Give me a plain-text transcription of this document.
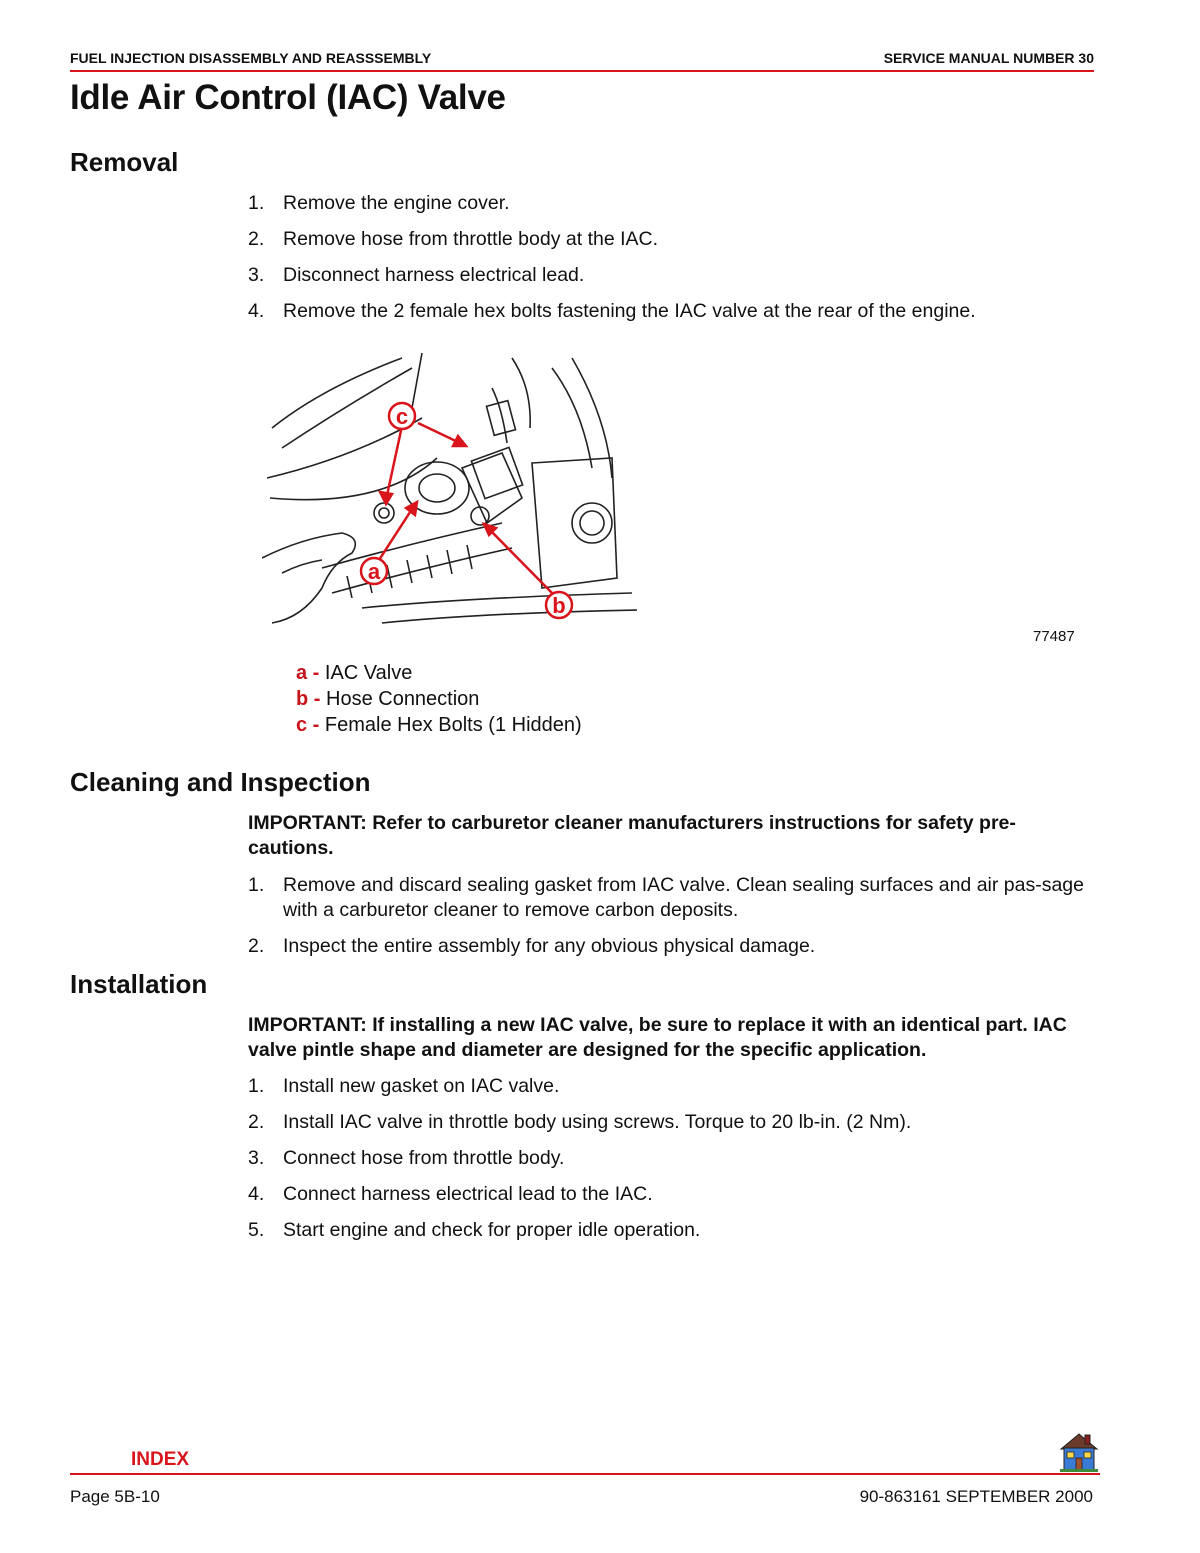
FUEL INJECTION DISASSEMBLY AND REASSSEMBLY	SERVICE MANUAL NUMBER 30
Idle Air Control (IAC) Valve
Removal
1. Remove the engine cover.
2. Remove hose from throttle body at the IAC.
3. Disconnect harness electrical lead.
4. Remove the 2 female hex bolts fastening the IAC valve at the rear of the engine.
c
a
b
77487
a - IAC Valve
b - Hose Connection
c - Female Hex Bolts (1 Hidden)
Cleaning and Inspection

IMPORTANT: Refer to carburetor cleaner manufacturers instructions for safety pre-cautions.

1. Remove and discard sealing gasket from IAC valve. Clean sealing surfaces and air pas-sage with a carburetor cleaner to remove carbon deposits.
2. Inspect the entire assembly for any obvious physical damage.
Installation

IMPORTANT: If installing a new IAC valve, be sure to replace it with an identical part. IAC valve pintle shape and diameter are designed for the specific application.

1. Install new gasket on IAC valve.
2. Install IAC valve in throttle body using screws. Torque to 20 lb-in. (2 Nm).
3. Connect hose from throttle body.
4. Connect harness electrical lead to the IAC.
5. Start engine and check for proper idle operation.
INDEX
Page 5B-10	90-863161 SEPTEMBER 2000
